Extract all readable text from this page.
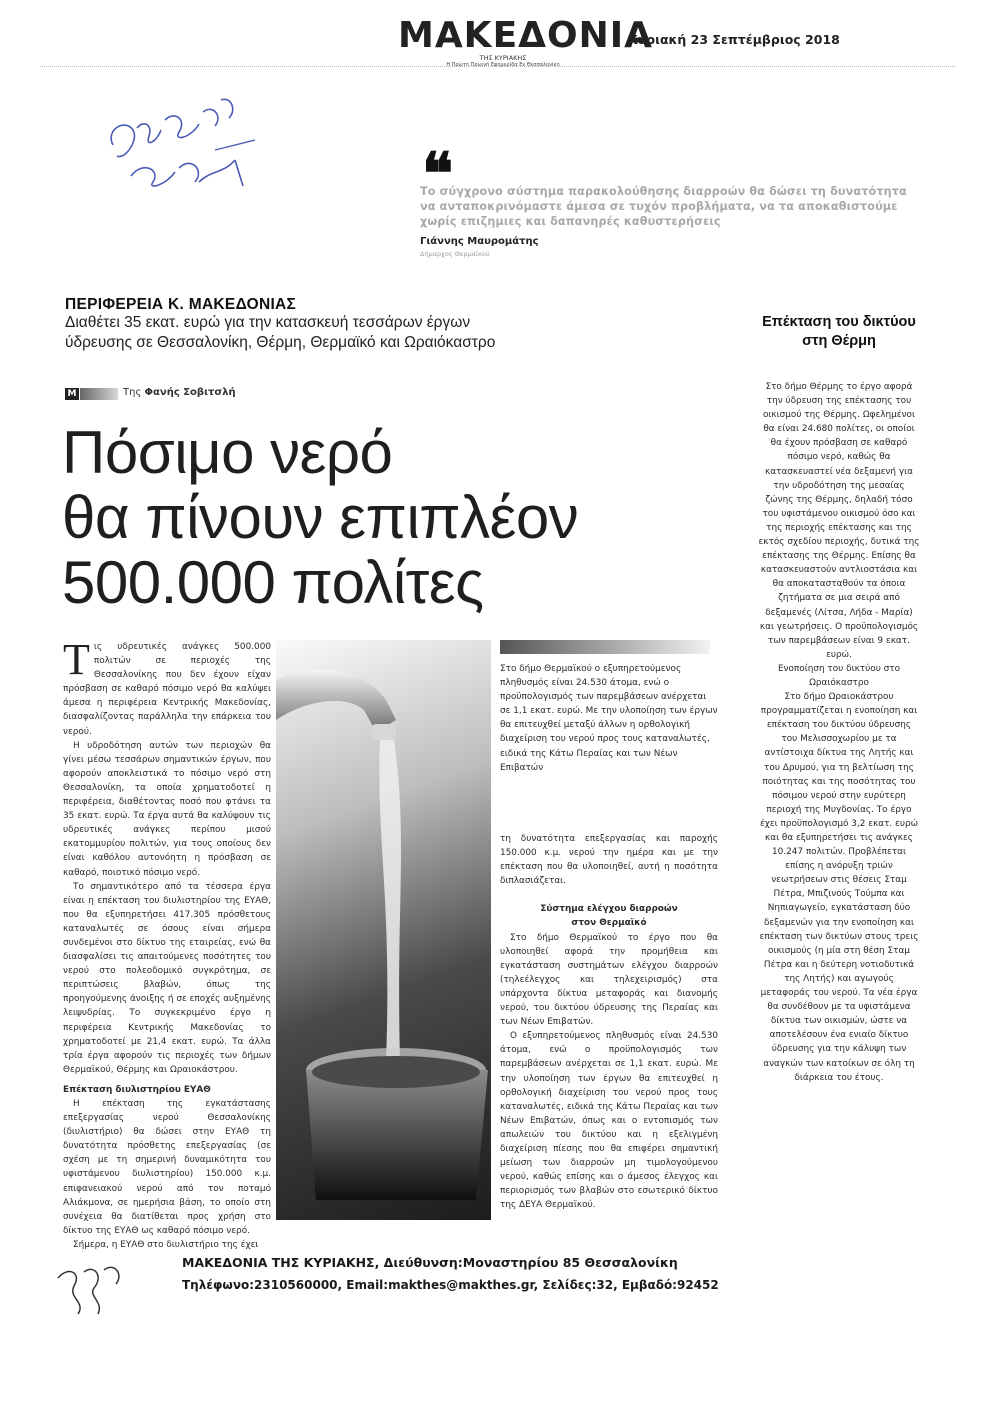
ΜΑΚΕΔΟΝΙΑ
ΤΗΣ ΚΥΡΙΑΚΗΣ
Η Πρώτη Πρωινή Εφημερίδα Εν Θεσσαλονίκη
Κυριακή 23 Σεπτέμβριος 2018
❝
Το σύγχρονο σύστημα παρακολούθησης διαρροών θα δώσει τη δυνατότητα να ανταποκρινόμαστε άμεσα σε τυχόν προβλήματα, να τα αποκαθιστούμε χωρίς επιζημιες και δαπανηρές καθυστερήσεις
Γιάννης Μαυρομάτης
Δήμαρχος Θερμαϊκού
ΠΕΡΙΦΕΡΕΙΑ Κ. ΜΑΚΕΔΟΝΙΑΣ
Διαθέτει 35 εκατ. ευρώ για την κατασκευή τεσσάρων έργων ύδρευσης σε Θεσσαλονίκη, Θέρμη, Θερμαϊκό και Ωραιόκαστρο
Μ	Της Φανής Σοβιτσλή
Πόσιμο νερό
θα πίνουν επιπλέον
500.000 πολίτες

Τις υδρευτικές ανάγκες 500.000 πολιτών σε περιοχές της Θεσσαλονίκης που δεν έχουν είχαν πρόσβαση σε καθαρό πόσιμο νερό θα καλύψει άμεσα η περιφέρεια Κεντρικής Μακεδονίας, διασφαλίζοντας παράλληλα την επάρκεια του νερού.

Η υδροδότηση αυτών των περιοχών θα γίνει μέσω τεσσάρων σημαντικών έργων, που αφορούν αποκλειστικά το πόσιμο νερό στη Θεσσαλονίκη, τα οποία χρηματοδοτεί η περιφέρεια, διαθέτοντας ποσό που φτάνει τα 35 εκατ. ευρώ. Τα έργα αυτά θα καλύψουν τις υδρευτικές ανάγκες περίπου μισού εκατομμυρίου πολιτών, για τους οποίους δεν είναι καθόλου αυτονόητη η πρόσβαση σε καθαρό, ποιοτικό πόσιμο νερό.

Το σημαντικότερο από τα τέσσερα έργα είναι η επέκταση του διυλιστηρίου της ΕΥΑΘ, που θα εξυπηρετήσει 417.305 πρόσθετους καταναλωτές σε όσους είναι σήμερα συνδεμένοι στο δίκτυο της εταιρείας, ενώ θα διασφαλίσει τις απαιτούμενες ποσότητες του νερού στο πολεοδομικό συγκρότημα, σε περιπτώσεις βλαβών, όπως της προηγούμενης άνοιξης ή σε εποχές αυξημένης λειψυδρίας. Το συγκεκριμένο έργο η περιφέρεια Κεντρικής Μακεδονίας το χρηματοδοτεί με 21,4 εκατ. ευρώ. Τα άλλα τρία έργα αφορούν τις περιοχές των δήμων Θερμαϊκού, Θέρμης και Ωραιοκάστρου.

Επέκταση διυλιστηρίου ΕΥΑΘ

Η επέκταση της εγκατάστασης επεξεργασίας νερού Θεσσαλονίκης (διυλιστήριο) θα δώσει στην ΕΥΑΘ τη δυνατότητα πρόσθετης επεξεργασίας (σε σχέση με τη σημερινή δυναμικότητα του υφιστάμενου διυλιστηρίου) 150.000 κ.μ. επιφανειακού νερού από τον ποταμό Αλιάκμονα, σε ημερήσια βάση, το οποίο στη συνέχεια θα διατίθεται προς χρήση στο δίκτυο της ΕΥΑΘ ως καθαρό πόσιμο νερό.

Σήμερα, η ΕΥΑΘ στο διυλιστήριο της έχει

Στο δήμο Θερμαϊκού ο εξυπηρετούμενος πληθυσμός είναι 24.530 άτομα, ενώ ο προϋπολογισμός των παρεμβάσεων ανέρχεται σε 1,1 εκατ. ευρώ. Με την υλοποίηση των έργων θα επιτευχθεί μεταξύ άλλων η ορθολογική διαχείριση του νερού προς τους καταναλωτές, ειδικά της Κάτω Περαίας και των Νέων Επιβατών

τη δυνατότητα επεξεργασίας και παροχής 150.000 κ.μ. νερού την ημέρα και με την επέκταση που θα υλοποιηθεί, αυτή η ποσότητα διπλασιάζεται.

Σύστημα ελέγχου διαρροών
στον Θερμαϊκό

Στο δήμο Θερμαϊκού το έργο που θα υλοποιηθεί αφορά την προμήθεια και εγκατάσταση συστημάτων ελέγχου διαρροών (τηλεέλεγχος και τηλεχειρισμός) στα υπάρχοντα δίκτυα μεταφοράς και διανομής νερού, του δικτύου ύδρευσης της Περαίας και των Νέων Επιβατών.

Ο εξυπηρετούμενος πληθυσμός είναι 24.530 άτομα, ενώ ο προϋπολογισμός των παρεμβάσεων ανέρχεται σε 1,1 εκατ. ευρώ. Με την υλοποίηση των έργων θα επιτευχθεί η ορθολογική διαχείριση του νερού προς τους καταναλωτές, ειδικά της Κάτω Περαίας και των Νέων Επιβατών, όπως και ο εντοπισμός των απωλειών του δικτύου και η εξελιγμένη διαχείριση πίεσης που θα επιφέρει σημαντική μείωση των διαρροών μη τιμολογούμενου νερού, καθώς επίσης και ο άμεσος έλεγχος και περιορισμός των βλαβών στο εσωτερικό δίκτυο της ΔΕΥΑ Θερμαϊκού.

Επέκταση του δικτύου στη Θέρμη

Στο δήμο Θέρμης το έργο αφορά την ύδρευση της επέκτασης του οικισμού της Θέρμης. Ωφελημένοι θα είναι 24.680 πολίτες, οι οποίοι θα έχουν πρόσβαση σε καθαρό πόσιμο νερό, καθώς θα κατασκευαστεί νέα δεξαμενή για την υδροδότηση της μεσαίας ζώνης της Θέρμης, δηλαδή τόσο του υφιστάμενου οικισμού όσο και της περιοχής επέκτασης και της εκτός σχεδίου περιοχής, δυτικά της επέκτασης της Θέρμης. Επίσης θα κατασκευαστούν αντλιοστάσια και θα αποκατασταθούν τα όποια ζητήματα σε μια σειρά από δεξαμενές (Λίτσα, Λήδα - Μαρία) και γεωτρήσεις. Ο προϋπολογισμός των παρεμβάσεων είναι 9 εκατ. ευρώ.

Ενοποίηση του δικτύου στο Ωραιόκαστρο

Στο δήμο Ωραιοκάστρου προγραμματίζεται η ενοποίηση και επέκταση του δικτύου ύδρευσης του Μελισσοχωρίου με τα αντίστοιχα δίκτυα της Λητής και του Δρυμού, για τη βελτίωση της ποιότητας και της ποσότητας του πόσιμου νερού στην ευρύτερη περιοχή της Μυγδονίας. Το έργο έχει προϋπολογισμό 3,2 εκατ. ευρώ και θα εξυπηρετήσει τις ανάγκες 10.247 πολιτών. Προβλέπεται επίσης η ανόρυξη τριών νεωτρήσεων στις θέσεις Σταμ Πέτρα, Μπιζινούς Τούμπα και Νηπιαγωγείο, εγκατάσταση δύο δεξαμενών για την ενοποίηση και επέκταση των δικτύων στους τρεις οικισμούς (η μία στη θέση Σταμ Πέτρα και η δεύτερη νοτιοδυτικά της Λητής) και αγωγούς μεταφοράς του νερού. Τα νέα έργα θα συνδέθουν με τα υφιστάμενα δίκτυα των οικισμών, ώστε να αποτελέσουν ένα ενιαίο δίκτυο ύδρευσης για την κάλυψη των αναγκών των κατοίκων σε όλη τη διάρκεια του έτους.

ΜΑΚΕΔΟΝΙΑ ΤΗΣ ΚΥΡΙΑΚΗΣ, Διεύθυνση:Μοναστηρίου 85 Θεσσαλονίκη
Τηλέφωνο:2310560000, Email:makthes@makthes.gr, Σελίδες:32, Εμβαδό:92452
